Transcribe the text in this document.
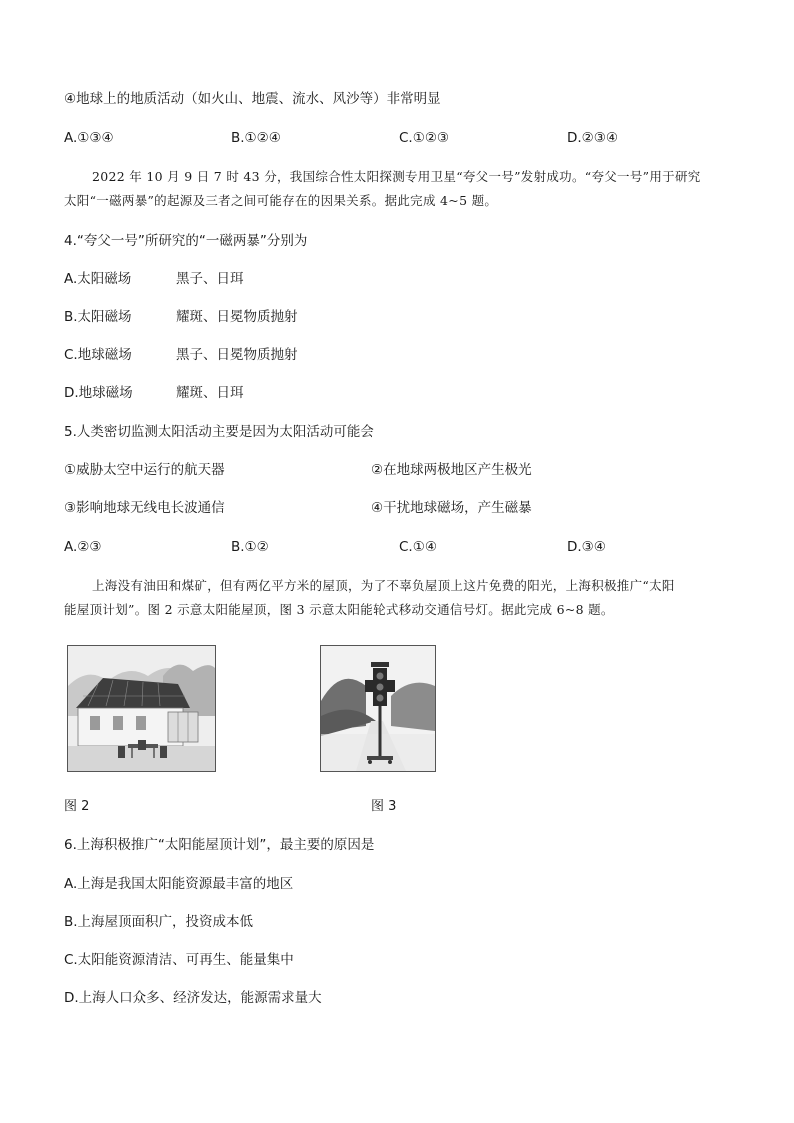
④地球上的地质活动（如火山、地震、流水、风沙等）非常明显
A.①③④	B.①②④	C.①②③	D.②③④
2022 年 10 月 9 日 7 时 43 分，我国综合性太阳探测专用卫星“夸父一号”发射成功。“夸父一号”用于研究
太阳“一磁两暴”的起源及三者之间可能存在的因果关系。据此完成 4~5 题。
4.“夸父一号”所研究的“一磁两暴”分别为
A.太阳磁场	黑子、日珥
B.太阳磁场	耀斑、日冕物质抛射
C.地球磁场	黑子、日冕物质抛射
D.地球磁场	耀斑、日珥
5.人类密切监测太阳活动主要是因为太阳活动可能会
①威胁太空中运行的航天器	②在地球两极地区产生极光
③影响地球无线电长波通信	④干扰地球磁场，产生磁暴
A.②③	B.①②	C.①④	D.③④
上海没有油田和煤矿，但有两亿平方米的屋顶，为了不辜负屋顶上这片免费的阳光，上海积极推广“太阳
能屋顶计划”。图 2 示意太阳能屋顶，图 3 示意太阳能轮式移动交通信号灯。据此完成 6~8 题。
图 2	图 3
6.上海积极推广“太阳能屋顶计划”，最主要的原因是
A.上海是我国太阳能资源最丰富的地区
B.上海屋顶面积广，投资成本低
C.太阳能资源清洁、可再生、能量集中
D.上海人口众多、经济发达，能源需求量大
